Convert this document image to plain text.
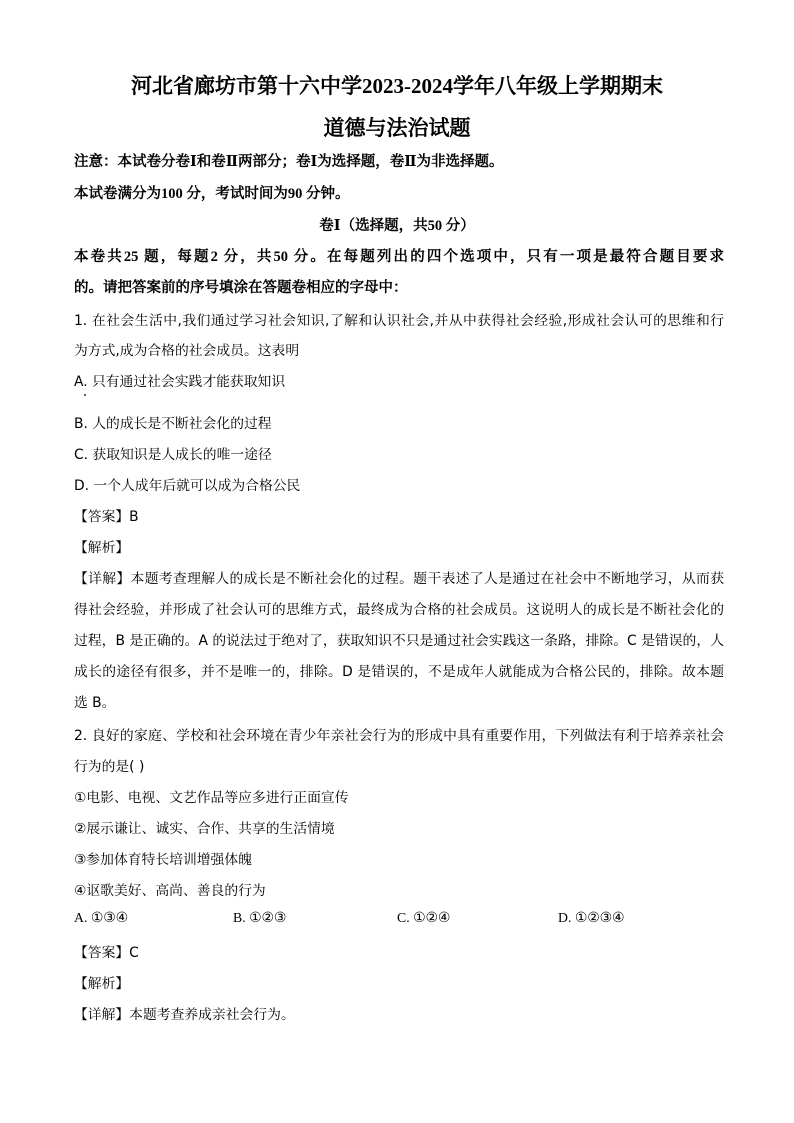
河北省廊坊市第十六中学2023-2024学年八年级上学期期末
道德与法治试题
注意：本试卷分卷Ⅰ和卷Ⅱ两部分；卷Ⅰ为选择题，卷Ⅱ为非选择题。
本试卷满分为100 分，考试时间为90 分钟。
卷Ⅰ（选择题，共50 分）
本卷共25 题，每题2 分，共50 分。在每题列出的四个选项中，只有一项是最符合题目要求
的。请把答案前的序号填涂在答题卷相应的字母中：
1. 在社会生活中,我们通过学习社会知识,了解和认识社会,并从中获得社会经验,形成社会认可的思维和行
为方式,成为合格的社会成员。这表明
A. 只有通过社会实践才能获取知识
B. 人的成长是不断社会化的过程
C. 获取知识是人成长的唯一途径
D. 一个人成年后就可以成为合格公民
【答案】B
【解析】
【详解】本题考查理解人的成长是不断社会化的过程。题干表述了人是通过在社会中不断地学习，从而获
得社会经验，并形成了社会认可的思维方式，最终成为合格的社会成员。这说明人的成长是不断社会化的
过程，B 是正确的。A 的说法过于绝对了，获取知识不只是通过社会实践这一条路，排除。C 是错误的，人
成长的途径有很多，并不是唯一的，排除。D 是错误的，不是成年人就能成为合格公民的，排除。故本题
选 B。
2. 良好的家庭、学校和社会环境在青少年亲社会行为的形成中具有重要作用，下列做法有利于培养亲社会
行为的是( )
①电影、电视、文艺作品等应多进行正面宣传
②展示谦让、诚实、合作、共享的生活情境
③参加体育特长培训增强体魄
④讴歌美好、高尚、善良的行为
A. ①③④	B. ①②③	C. ①②④	D. ①②③④
【答案】C
【解析】
【详解】本题考查养成亲社会行为。
